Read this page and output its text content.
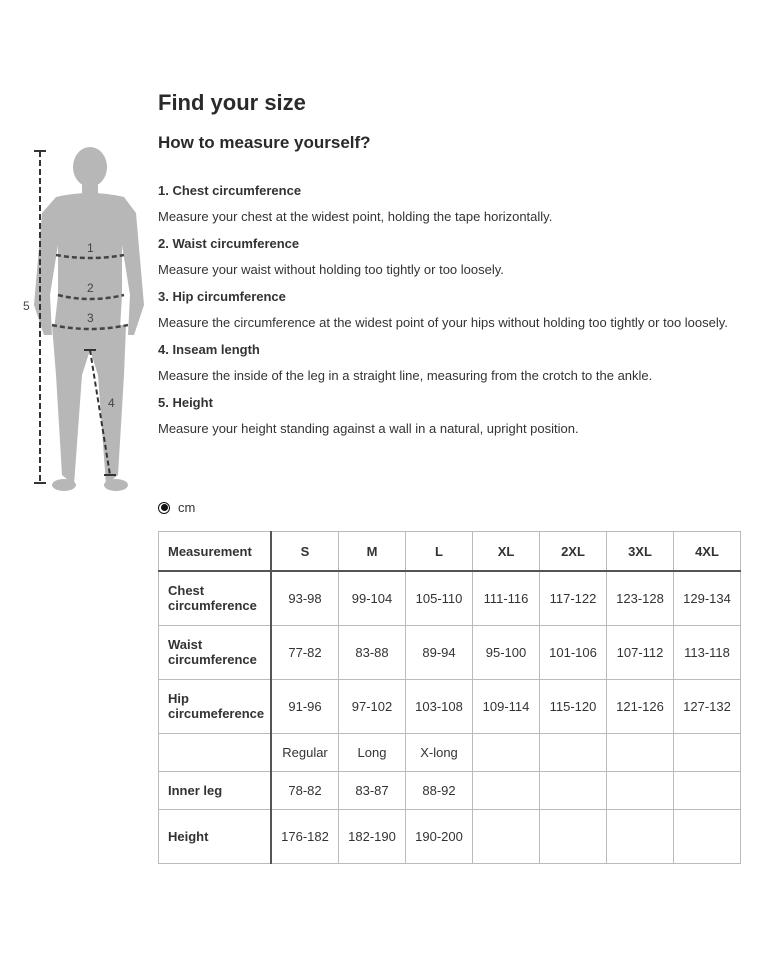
Find your size
How to measure yourself?
1
2
3
4
5

1. Chest circumference

Measure your chest at the widest point, holding the tape horizontally.

2. Waist circumference

Measure your waist without holding too tightly or too loosely.

3. Hip circumference

Measure the circumference at the widest point of your hips without holding too tightly or too loosely.

4. Inseam length

Measure the inside of the leg in a straight line, measuring from the crotch to the ankle.

5. Height

Measure your height standing against a wall in a natural, upright position.

cm
Measurement	S	M	L	XL	2XL	3XL	4XL
Chest circumference	93-98	99-104	105-110	111-116	117-122	123-128	129-134
Waist circumference	77-82	83-88	89-94	95-100	101-106	107-112	113-118
Hip circumeference	91-96	97-102	103-108	109-114	115-120	121-126	127-132
	Regular	Long	X-long				
Inner leg	78-82	83-87	88-92				
Height	176-182	182-190	190-200				
